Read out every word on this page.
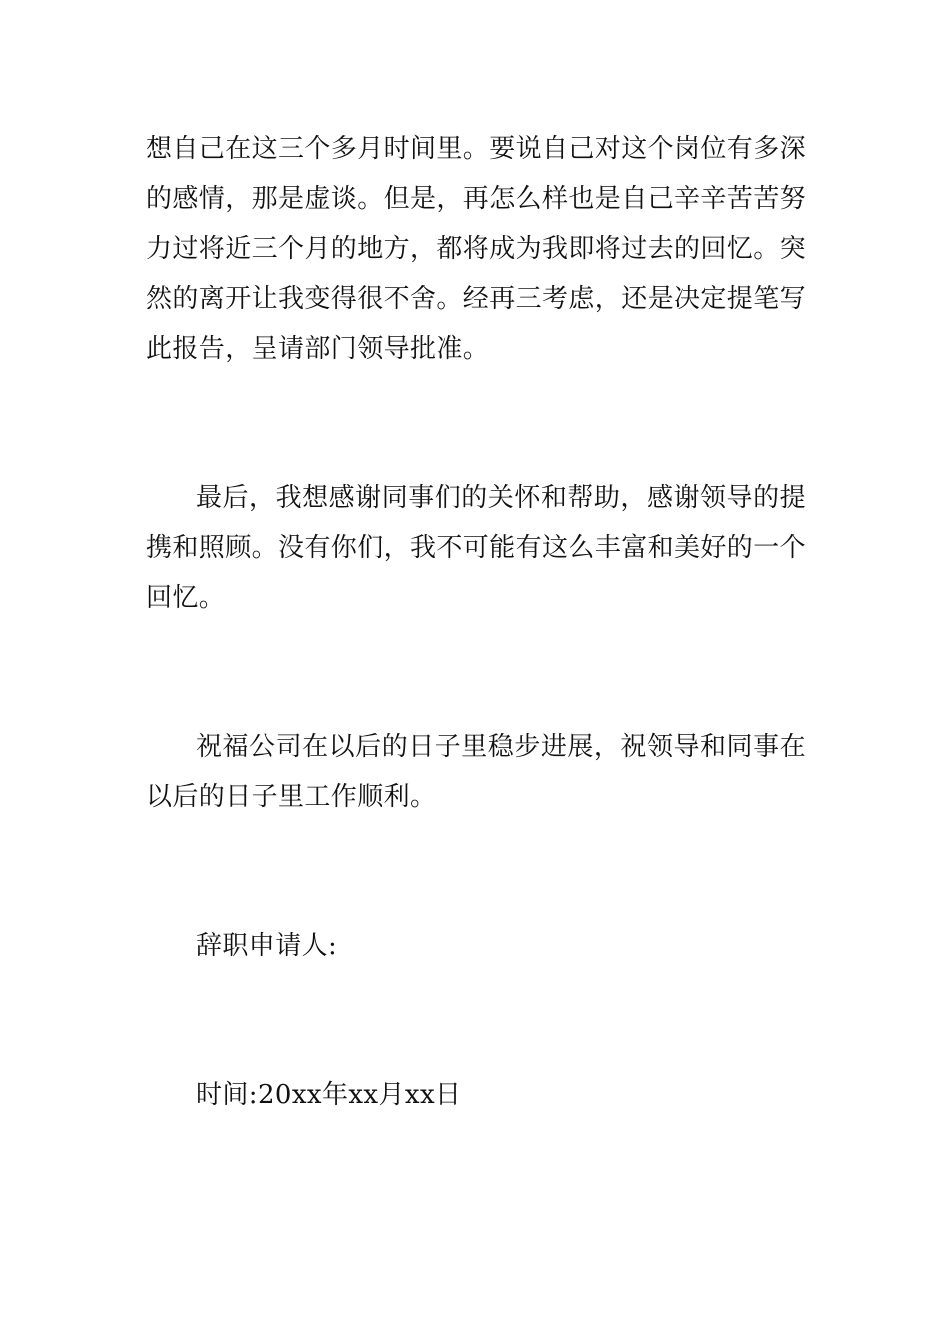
想自己在这三个多月时间里。要说自己对这个岗位有多深
的感情，那是虚谈。但是，再怎么样也是自己辛辛苦苦努
力过将近三个月的地方，都将成为我即将过去的回忆。突
然的离开让我变得很不舍。经再三考虑，还是决定提笔写
此报告，呈请部门领导批准。
最后，我想感谢同事们的关怀和帮助，感谢领导的提
携和照顾。没有你们，我不可能有这么丰富和美好的一个
回忆。
祝福公司在以后的日子里稳步进展，祝领导和同事在
以后的日子里工作顺利。
辞职申请人:
时间:20xx年xx月xx日
